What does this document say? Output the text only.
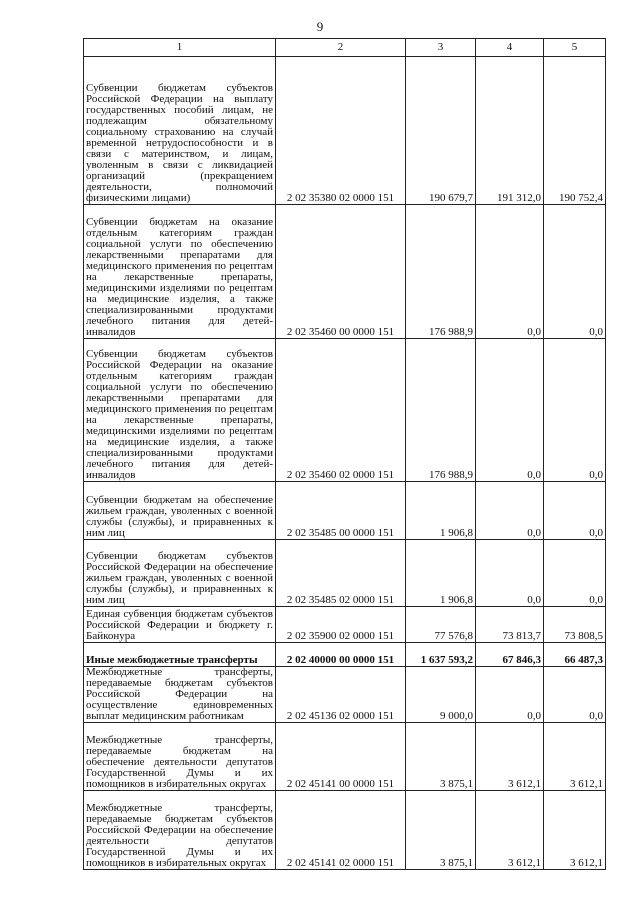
9
1	2	3	4	5
Субвенции бюджетам субъектов Российской Федерации на выплату государственных пособий лицам, не подлежащим обязательному социальному страхованию на случай временной нетрудоспособности и в связи с материнством, и лицам, уволенным в связи с ликвидацией организаций (прекращением деятельности, полномочий физическими лицами)	2 02 35380 02 0000 151	190 679,7	191 312,0	190 752,4
Субвенции бюджетам на оказание отдельным категориям граждан социальной услуги по обеспечению лекарственными препаратами для медицинского применения по рецептам на лекарственные препараты, медицинскими изделиями по рецептам на медицинские изделия, а также специализированными продуктами лечебного питания для детей-инвалидов	2 02 35460 00 0000 151	176 988,9	0,0	0,0
Субвенции бюджетам субъектов Российской Федерации на оказание отдельным категориям граждан социальной услуги по обеспечению лекарственными препаратами для медицинского применения по рецептам на лекарственные препараты, медицинскими изделиями по рецептам на медицинские изделия, а также специализированными продуктами лечебного питания для детей-инвалидов	2 02 35460 02 0000 151	176 988,9	0,0	0,0
Субвенции бюджетам на обеспечение жильем граждан, уволенных с военной службы (службы), и приравненных к ним лиц	2 02 35485 00 0000 151	1 906,8	0,0	0,0
Субвенции бюджетам субъектов Российской Федерации на обеспечение жильем граждан, уволенных с военной службы (службы), и приравненных к ним лиц	2 02 35485 02 0000 151	1 906,8	0,0	0,0
Единая субвенция бюджетам субъектов Российской Федерации и бюджету г. Байконура	2 02 35900 02 0000 151	77 576,8	73 813,7	73 808,5
Иные межбюджетные трансферты	2 02 40000 00 0000 151	1 637 593,2	67 846,3	66 487,3
Межбюджетные трансферты, передаваемые бюджетам субъектов Российской Федерации на осуществление единовременных выплат медицинским работникам	2 02 45136 02 0000 151	9 000,0	0,0	0,0
Межбюджетные трансферты, передаваемые бюджетам на обеспечение деятельности депутатов Государственной Думы и их помощников в избирательных округах	2 02 45141 00 0000 151	3 875,1	3 612,1	3 612,1
Межбюджетные трансферты, передаваемые бюджетам субъектов Российской Федерации на обеспечение деятельности депутатов Государственной Думы и их помощников в избирательных округах	2 02 45141 02 0000 151	3 875,1	3 612,1	3 612,1
